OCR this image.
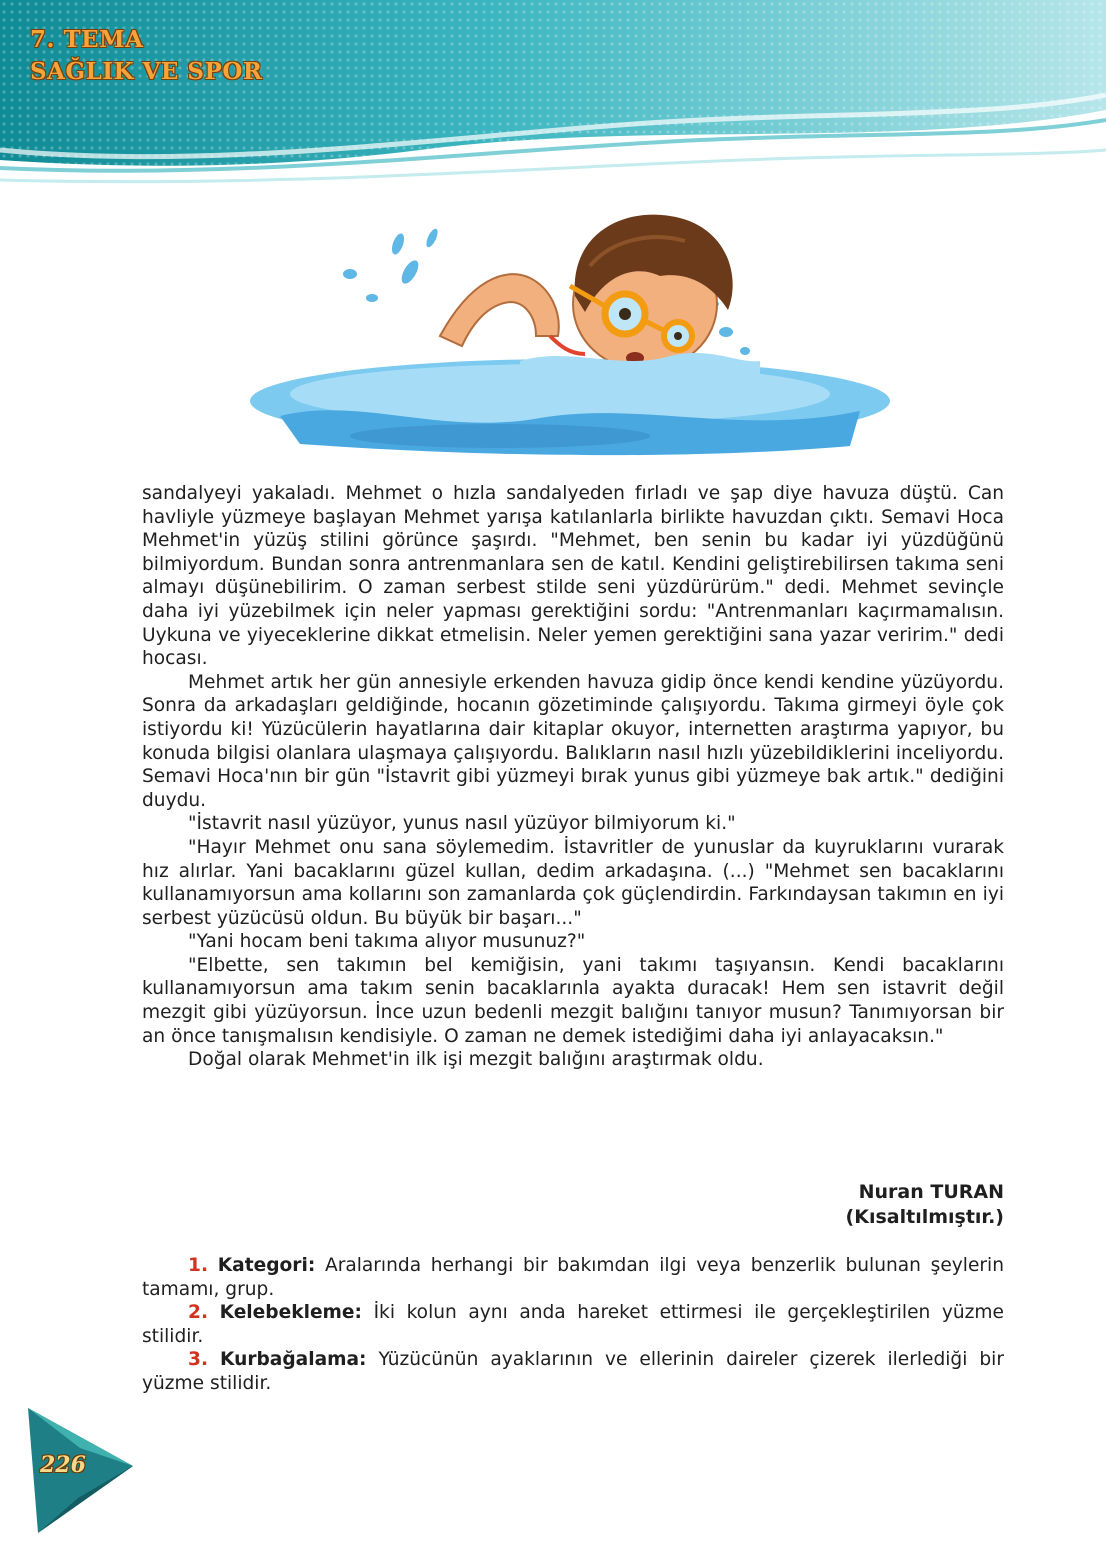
7. TEMA
SAĞLIK VE SPOR

sandalyeyi yakaladı. Mehmet o hızla sandalyeden fırladı ve şap diye havuza düştü. Can havliyle yüzmeye başlayan Mehmet yarışa katılanlarla birlikte havuzdan çıktı. Semavi Hoca Mehmet'in yüzüş stilini görünce şaşırdı. "Mehmet, ben senin bu kadar iyi yüzdüğünü bilmiyordum. Bundan sonra antrenmanlara sen de katıl. Kendini geliştirebilirsen takıma seni almayı düşünebilirim. O zaman serbest stilde seni yüzdürürüm." dedi. Mehmet sevinçle daha iyi yüzebilmek için neler yapması gerektiğini sordu: "Antrenmanları kaçırmamalısın. Uykuna ve yiyeceklerine dikkat etmelisin. Neler yemen gerektiğini sana yazar veririm." dedi hocası.

Mehmet artık her gün annesiyle erkenden havuza gidip önce kendi kendine yüzüyordu. Sonra da arkadaşları geldiğinde, hocanın gözetiminde çalışıyordu. Takıma girmeyi öyle çok istiyordu ki! Yüzücülerin hayatlarına dair kitaplar okuyor, internetten araştırma yapıyor, bu konuda bilgisi olanlara ulaşmaya çalışıyordu. Balıkların nasıl hızlı yüzebildiklerini inceliyordu. Semavi Hoca'nın bir gün "İstavrit gibi yüzmeyi bırak yunus gibi yüzmeye bak artık." dediğini duydu.

"İstavrit nasıl yüzüyor, yunus nasıl yüzüyor bilmiyorum ki."

"Hayır Mehmet onu sana söylemedim. İstavritler de yunuslar da kuyruklarını vurarak hız alırlar. Yani bacaklarını güzel kullan, dedim arkadaşına. (...) "Mehmet sen bacaklarını kullanamıyorsun ama kollarını son zamanlarda çok güçlendirdin. Farkındaysan takımın en iyi serbest yüzücüsü oldun. Bu büyük bir başarı..."

"Yani hocam beni takıma alıyor musunuz?"

"Elbette, sen takımın bel kemiğisin, yani takımı taşıyansın. Kendi bacaklarını kullanamıyorsun ama takım senin bacaklarınla ayakta duracak! Hem sen istavrit değil mezgit gibi yüzüyorsun. İnce uzun bedenli mezgit balığını tanıyor musun? Tanımıyorsan bir an önce tanışmalısın kendisiyle. O zaman ne demek istediğimi daha iyi anlayacaksın."

Doğal olarak Mehmet'in ilk işi mezgit balığını araştırmak oldu.

Nuran TURAN
(Kısaltılmıştır.)

1. Kategori: Aralarında herhangi bir bakımdan ilgi veya benzerlik bulunan şeylerin tamamı, grup.

2. Kelebekleme: İki kolun aynı anda hareket ettirmesi ile gerçekleştirilen yüzme stilidir.

3. Kurbağalama: Yüzücünün ayaklarının ve ellerinin daireler çizerek ilerlediği bir yüzme stilidir.

226
